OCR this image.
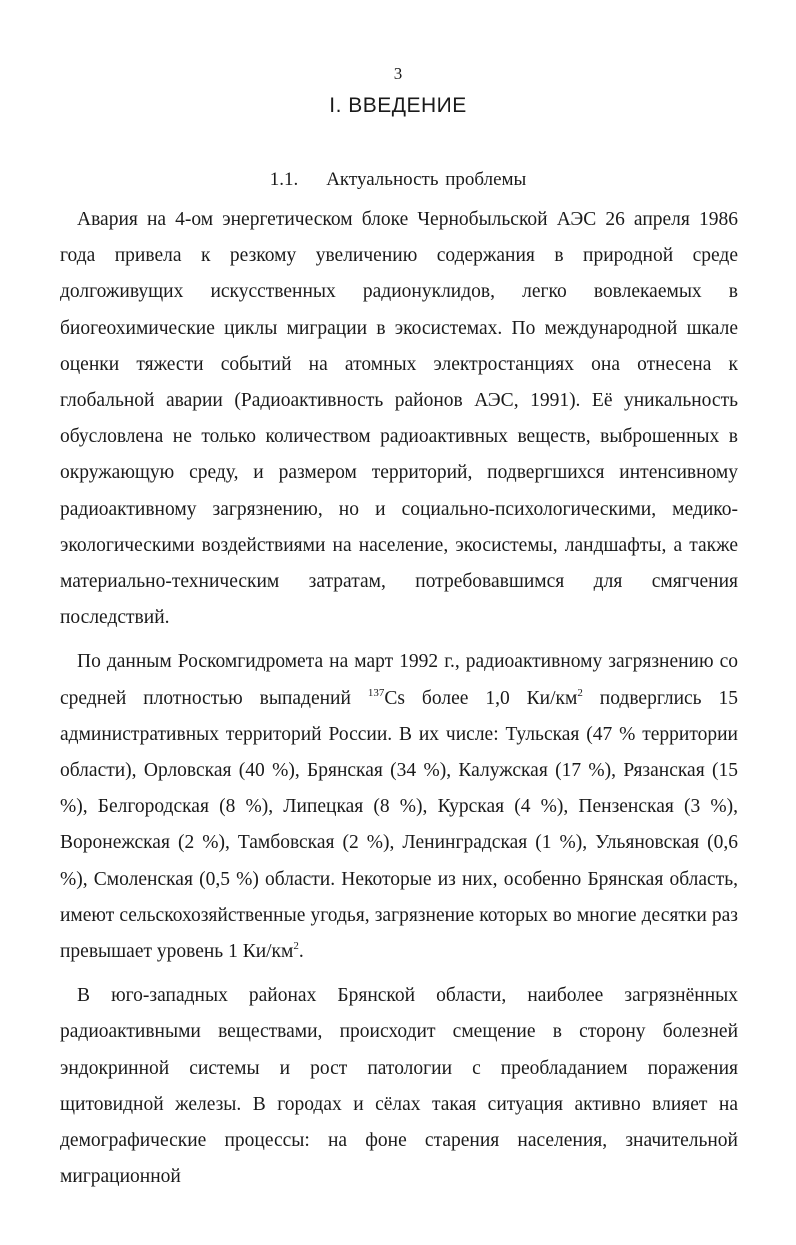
3
I. ВВЕДЕНИЕ
1.1. Актуальность проблемы

Авария на 4-ом энергетическом блоке Чернобыльской АЭС 26 апреля 1986 года привела к резкому увеличению содержания в природной среде долгоживущих искусственных радионуклидов, легко вовлекаемых в биогеохимические циклы миграции в экосистемах. По международной шкале оценки тяжести событий на атомных электростанциях она отнесена к глобальной аварии (Радиоактивность районов АЭС, 1991). Её уникальность обусловлена не только количеством радиоактивных веществ, выброшенных в окружающую среду, и размером территорий, подвергшихся интенсивному радиоактивному загрязнению, но и социально-психологическими, медико-экологическими воздействиями на население, экосистемы, ландшафты, а также материально-техническим затратам, потребовавшимся для смягчения последствий.

По данным Роскомгидромета на март 1992 г., радиоактивному загрязнению со средней плотностью выпадений $^{137}$Cs более 1,0 $Ки/км^2$ подверглись 15 административных территорий России. В их числе: Тульская (47 % территории области), Орловская (40 %), Брянская (34 %), Калужская (17 %), Рязанская (15 %), Белгородская (8 %), Липецкая (8 %), Курская (4 %), Пензенская (3 %), Воронежская (2 %), Тамбовская (2 %), Ленинградская (1 %), Ульяновская (0,6 %), Смоленская (0,5 %) области. Некоторые из них, особенно Брянская область, имеют сельскохозяйственные угодья, загрязнение которых во многие десятки раз превышает уровень 1 $Ки/км^2$.

В юго-западных районах Брянской области, наиболее загрязнённых радиоактивными веществами, происходит смещение в сторону болезней эндокринной системы и рост патологии с преобладанием поражения щитовидной железы. В городах и сёлах такая ситуация активно влияет на демографические процессы: на фоне старения населения, значительной миграционной
